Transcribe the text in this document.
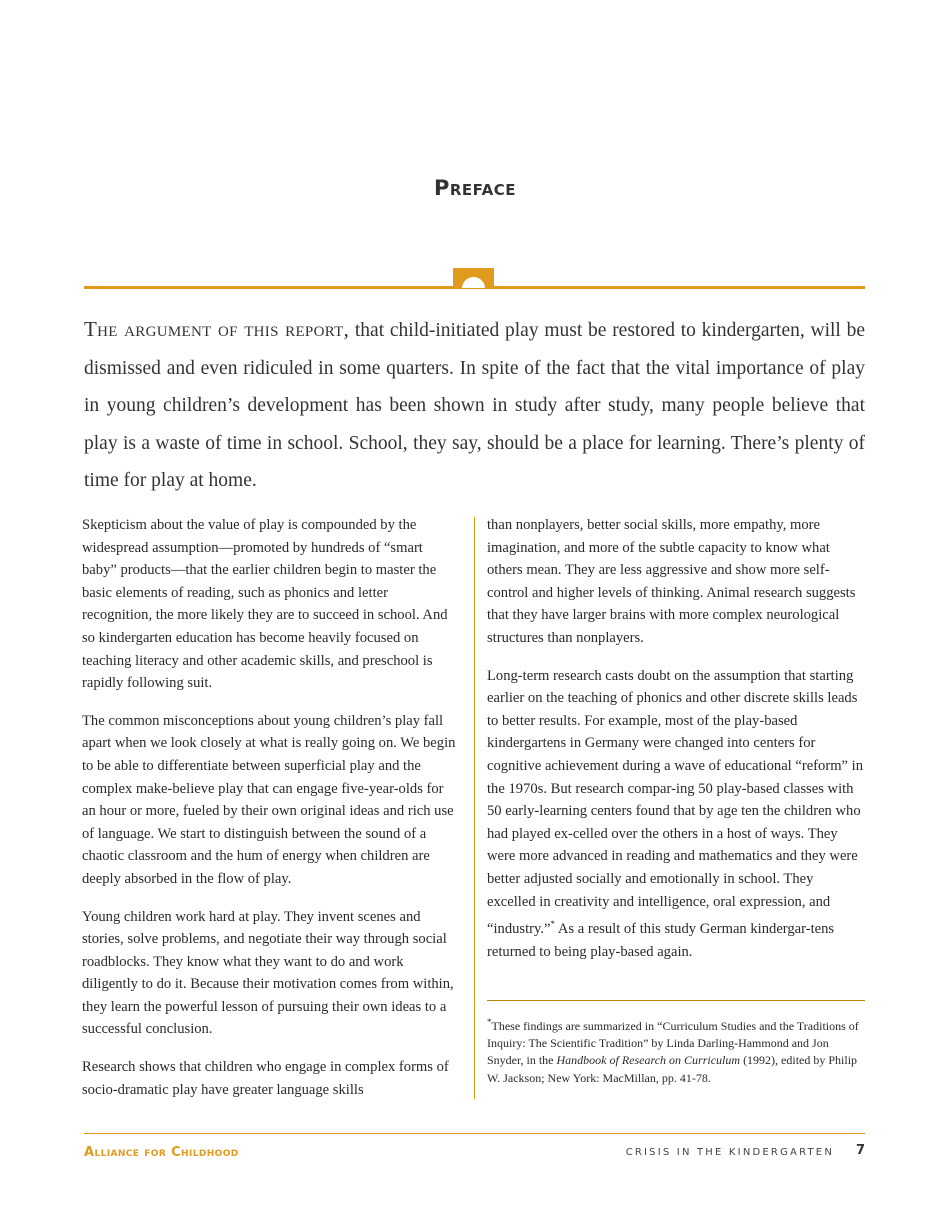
Preface
The argument of this report, that child-initiated play must be restored to kindergarten, will be dismissed and even ridiculed in some quarters. In spite of the fact that the vital importance of play in young children’s development has been shown in study after study, many people believe that play is a waste of time in school. School, they say, should be a place for learning. There’s plenty of time for play at home.

Skepticism about the value of play is compounded by the widespread assumption—promoted by hundreds of “smart baby” products—that the earlier children begin to master the basic elements of reading, such as phonics and letter recognition, the more likely they are to succeed in school. And so kindergarten education has become heavily focused on teaching literacy and other academic skills, and preschool is rapidly following suit.

The common misconceptions about young children’s play fall apart when we look closely at what is really going on. We begin to be able to differentiate between superficial play and the complex make-believe play that can engage five-year-olds for an hour or more, fueled by their own original ideas and rich use of language. We start to distinguish between the sound of a chaotic classroom and the hum of energy when children are deeply absorbed in the flow of play.

Young children work hard at play. They invent scenes and stories, solve problems, and negotiate their way through social roadblocks. They know what they want to do and work diligently to do it. Because their motivation comes from within, they learn the powerful lesson of pursuing their own ideas to a successful conclusion.

Research shows that children who engage in complex forms of socio-dramatic play have greater language skills

than nonplayers, better social skills, more empathy, more imagination, and more of the subtle capacity to know what others mean. They are less aggressive and show more self-control and higher levels of thinking. Animal research suggests that they have larger brains with more complex neurological structures than nonplayers.

Long-term research casts doubt on the assumption that starting earlier on the teaching of phonics and other discrete skills leads to better results. For example, most of the play-based kindergartens in Germany were changed into centers for cognitive achievement during a wave of educational “reform” in the 1970s. But research compar-ing 50 play-based classes with 50 early-learning centers found that by age ten the children who had played ex-celled over the others in a host of ways. They were more advanced in reading and mathematics and they were better adjusted socially and emotionally in school. They excelled in creativity and intelligence, oral expression, and “industry.”* As a result of this study German kindergar-tens returned to being play-based again.

*These findings are summarized in “Curriculum Studies and the Traditions of Inquiry: The Scientific Tradition” by Linda Darling-Hammond and Jon Snyder, in the Handbook of Research on Curriculum (1992), edited by Philip W. Jackson; New York: MacMillan, pp. 41-78.
Alliance for Childhood	CRISIS IN THE KINDERGARTEN	7
